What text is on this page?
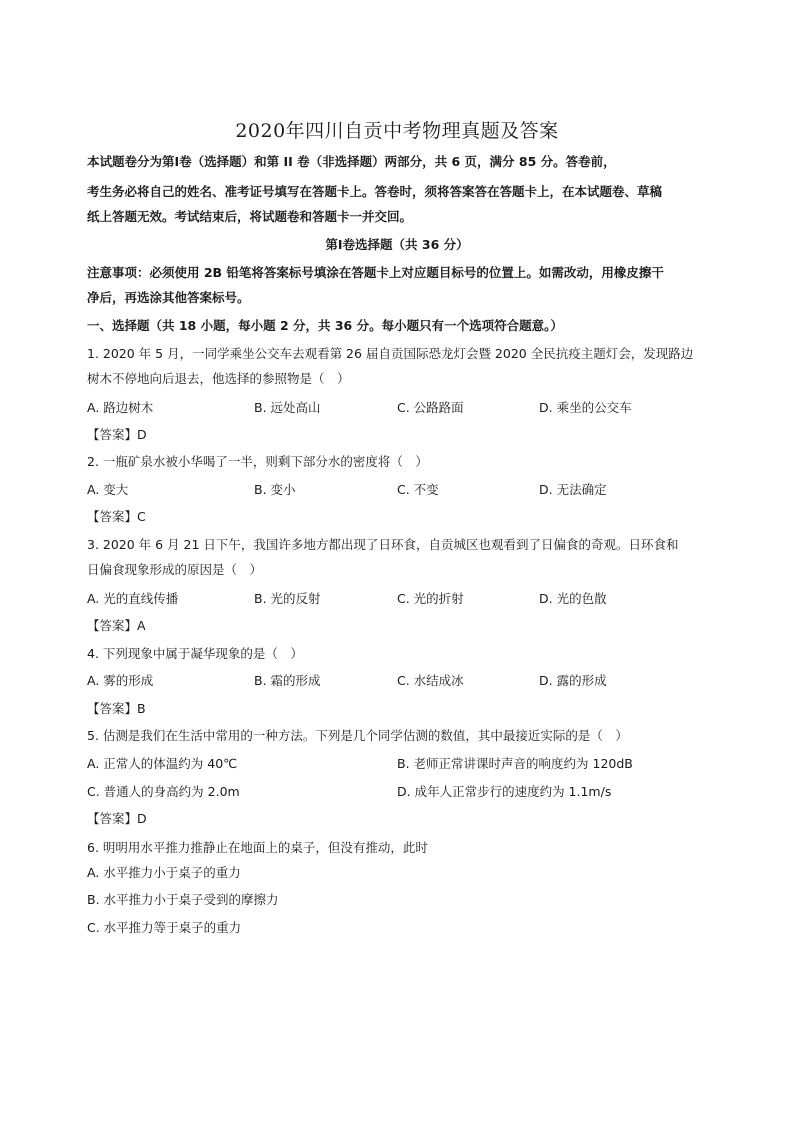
2020年四川自贡中考物理真题及答案
本试题卷分为第Ⅰ卷（选择题）和第 II 卷（非选择题）两部分，共 6 页，满分 85 分。答卷前，
考生务必将自己的姓名、准考证号填写在答题卡上。答卷时，须将答案答在答题卡上，在本试题卷、草稿
纸上答题无效。考试结束后，将试题卷和答题卡一并交回。
第Ⅰ卷选择题（共 36 分）
注意事项：必须使用 2B 铅笔将答案标号填涂在答题卡上对应题目标号的位置上。如需改动，用橡皮擦干
净后，再选涂其他答案标号。
一、选择题（共 18 小题，每小题 2 分，共 36 分。每小题只有一个选项符合题意。）
1. 2020 年 5 月，一同学乘坐公交车去观看第 26 届自贡国际恐龙灯会暨 2020 全民抗疫主题灯会，发现路边
树木不停地向后退去，他选择的参照物是（　）
A. 路边树木	B. 远处高山	C. 公路路面	D. 乘坐的公交车
【答案】D
2. 一瓶矿泉水被小华喝了一半，则剩下部分水的密度将（　）
A. 变大	B. 变小	C. 不变	D. 无法确定
【答案】C
3. 2020 年 6 月 21 日下午，我国许多地方都出现了日环食，自贡城区也观看到了日偏食的奇观。日环食和
日偏食现象形成的原因是（　）
A. 光的直线传播	B. 光的反射	C. 光的折射	D. 光的色散
【答案】A
4. 下列现象中属于凝华现象的是（　）
A. 雾的形成	B. 霜的形成	C. 水结成冰	D. 露的形成
【答案】B
5. 估测是我们在生活中常用的一种方法。下列是几个同学估测的数值，其中最接近实际的是（　）
A. 正常人的体温约为 40℃	B. 老师正常讲课时声音的响度约为 120dB
C. 普通人的身高约为 2.0m	D. 成年人正常步行的速度约为 1.1m/s
【答案】D
6. 明明用水平推力推静止在地面上的桌子，但没有推动，此时
A. 水平推力小于桌子的重力
B. 水平推力小于桌子受到的摩擦力
C. 水平推力等于桌子的重力
